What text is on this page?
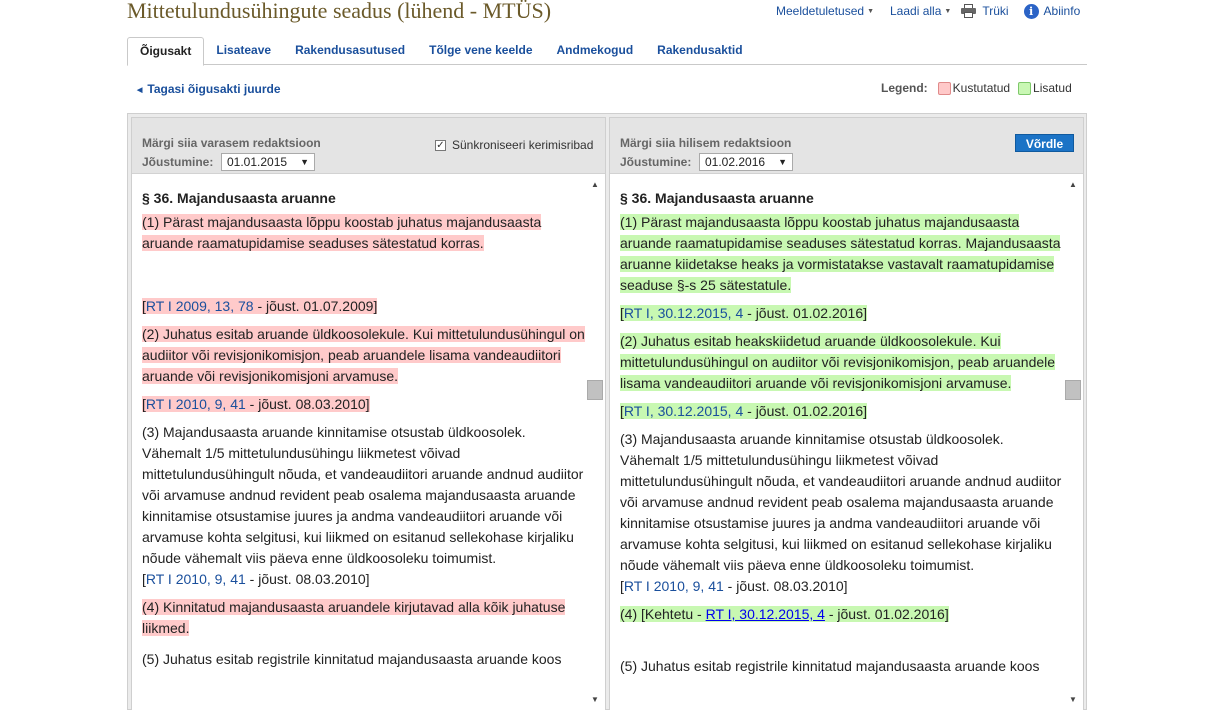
Mittetulundusühingute seadus (lühend - MTÜS)	Meeldetuletused ▼ Laadi alla ▼	Trüki	i Abiinfo
Õigusakt	Lisateave	Rakendusasutused	Tõlge vene keelde	Andmekogud	Rakendusaktid
◀ Tagasi õigusakti juurde	Legend: Kustutatud Lisatud
Märgi siia varasem redaktsioon
Jõustumine:	01.01.2015 ▼
✓ Sünkroniseeri kerimisribad
§ 36. Majandusaasta aruanne
(1) Pärast majandusaasta lõppu koostab juhatus majandusaasta aruande raamatupidamise seaduses sätestatud korras.
[RT I 2009, 13, 78 - jõust. 01.07.2009]
(2) Juhatus esitab aruande üldkoosolekule. Kui mittetulundusühingul on audiitor või revisjonikomisjon, peab aruandele lisama vandeaudiitori aruande või revisjonikomisjoni arvamuse.
[RT I 2010, 9, 41 - jõust. 08.03.2010]
(3) Majandusaasta aruande kinnitamise otsustab üldkoosolek. Vähemalt 1/5 mittetulundusühingu liikmetest võivad mittetulundusühingult nõuda, et vandeaudiitori aruande andnud audiitor või arvamuse andnud revident peab osalema majandusaasta aruande kinnitamise otsustamise juures ja andma vandeaudiitori aruande või arvamuse kohta selgitusi, kui liikmed on esitanud sellekohase kirjaliku nõude vähemalt viis päeva enne üldkoosoleku toimumist.
[RT I 2010, 9, 41 - jõust. 08.03.2010]
(4) Kinnitatud majandusaasta aruandele kirjutavad alla kõik juhatuse liikmed.
(5) Juhatus esitab registrile kinnitatud majandusaasta aruande koos
▲
▼
Märgi siia hilisem redaktsioon
Jõustumine:	01.02.2016 ▼
Võrdle
§ 36. Majandusaasta aruanne
(1) Pärast majandusaasta lõppu koostab juhatus majandusaasta aruande raamatupidamise seaduses sätestatud korras. Majandusaasta aruanne kiidetakse heaks ja vormistatakse vastavalt raamatupidamise seaduse §-s 25 sätestatule.
[RT I, 30.12.2015, 4 - jõust. 01.02.2016]
(2) Juhatus esitab heakskiidetud aruande üldkoosolekule. Kui mittetulundusühingul on audiitor või revisjonikomisjon, peab aruandele lisama vandeaudiitori aruande või revisjonikomisjoni arvamuse.
[RT I, 30.12.2015, 4 - jõust. 01.02.2016]
(3) Majandusaasta aruande kinnitamise otsustab üldkoosolek. Vähemalt 1/5 mittetulundusühingu liikmetest võivad mittetulundusühingult nõuda, et vandeaudiitori aruande andnud audiitor või arvamuse andnud revident peab osalema majandusaasta aruande kinnitamise otsustamise juures ja andma vandeaudiitori aruande või arvamuse kohta selgitusi, kui liikmed on esitanud sellekohase kirjaliku nõude vähemalt viis päeva enne üldkoosoleku toimumist.
[RT I 2010, 9, 41 - jõust. 08.03.2010]
(4) [Kehtetu - RT I, 30.12.2015, 4 - jõust. 01.02.2016]
(5) Juhatus esitab registrile kinnitatud majandusaasta aruande koos
▲
▼
